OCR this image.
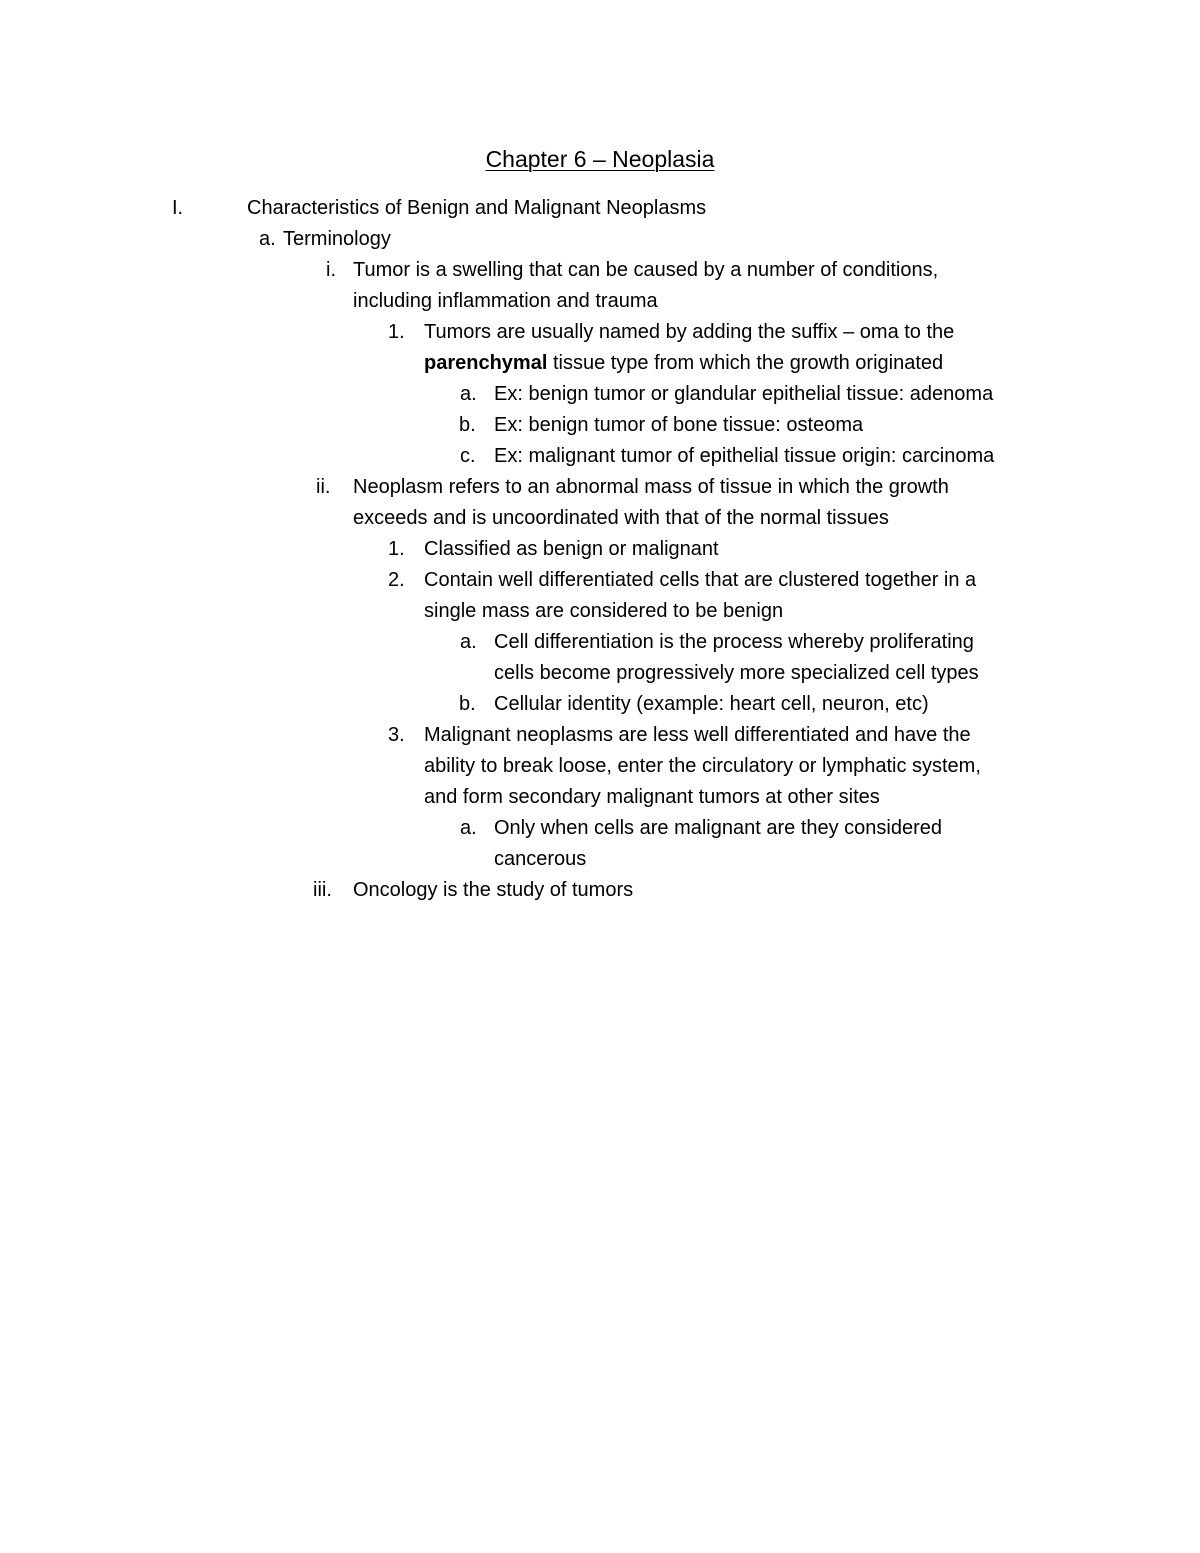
Chapter 6 – Neoplasia
I.	Characteristics of Benign and Malignant Neoplasms
a. Terminology
i. Tumor is a swelling that can be caused by a number of conditions,
including inflammation and trauma
1. Tumors are usually named by adding the suffix – oma to the
parenchymal tissue type from which the growth originated
a. Ex: benign tumor or glandular epithelial tissue: adenoma
b. Ex: benign tumor of bone tissue: osteoma
c. Ex: malignant tumor of epithelial tissue origin: carcinoma
ii. Neoplasm refers to an abnormal mass of tissue in which the growth
exceeds and is uncoordinated with that of the normal tissues
1. Classified as benign or malignant
2. Contain well differentiated cells that are clustered together in a
single mass are considered to be benign
a. Cell differentiation is the process whereby proliferating
cells become progressively more specialized cell types
b. Cellular identity (example: heart cell, neuron, etc)
3. Malignant neoplasms are less well differentiated and have the
ability to break loose, enter the circulatory or lymphatic system,
and form secondary malignant tumors at other sites
a. Only when cells are malignant are they considered
cancerous
iii. Oncology is the study of tumors
